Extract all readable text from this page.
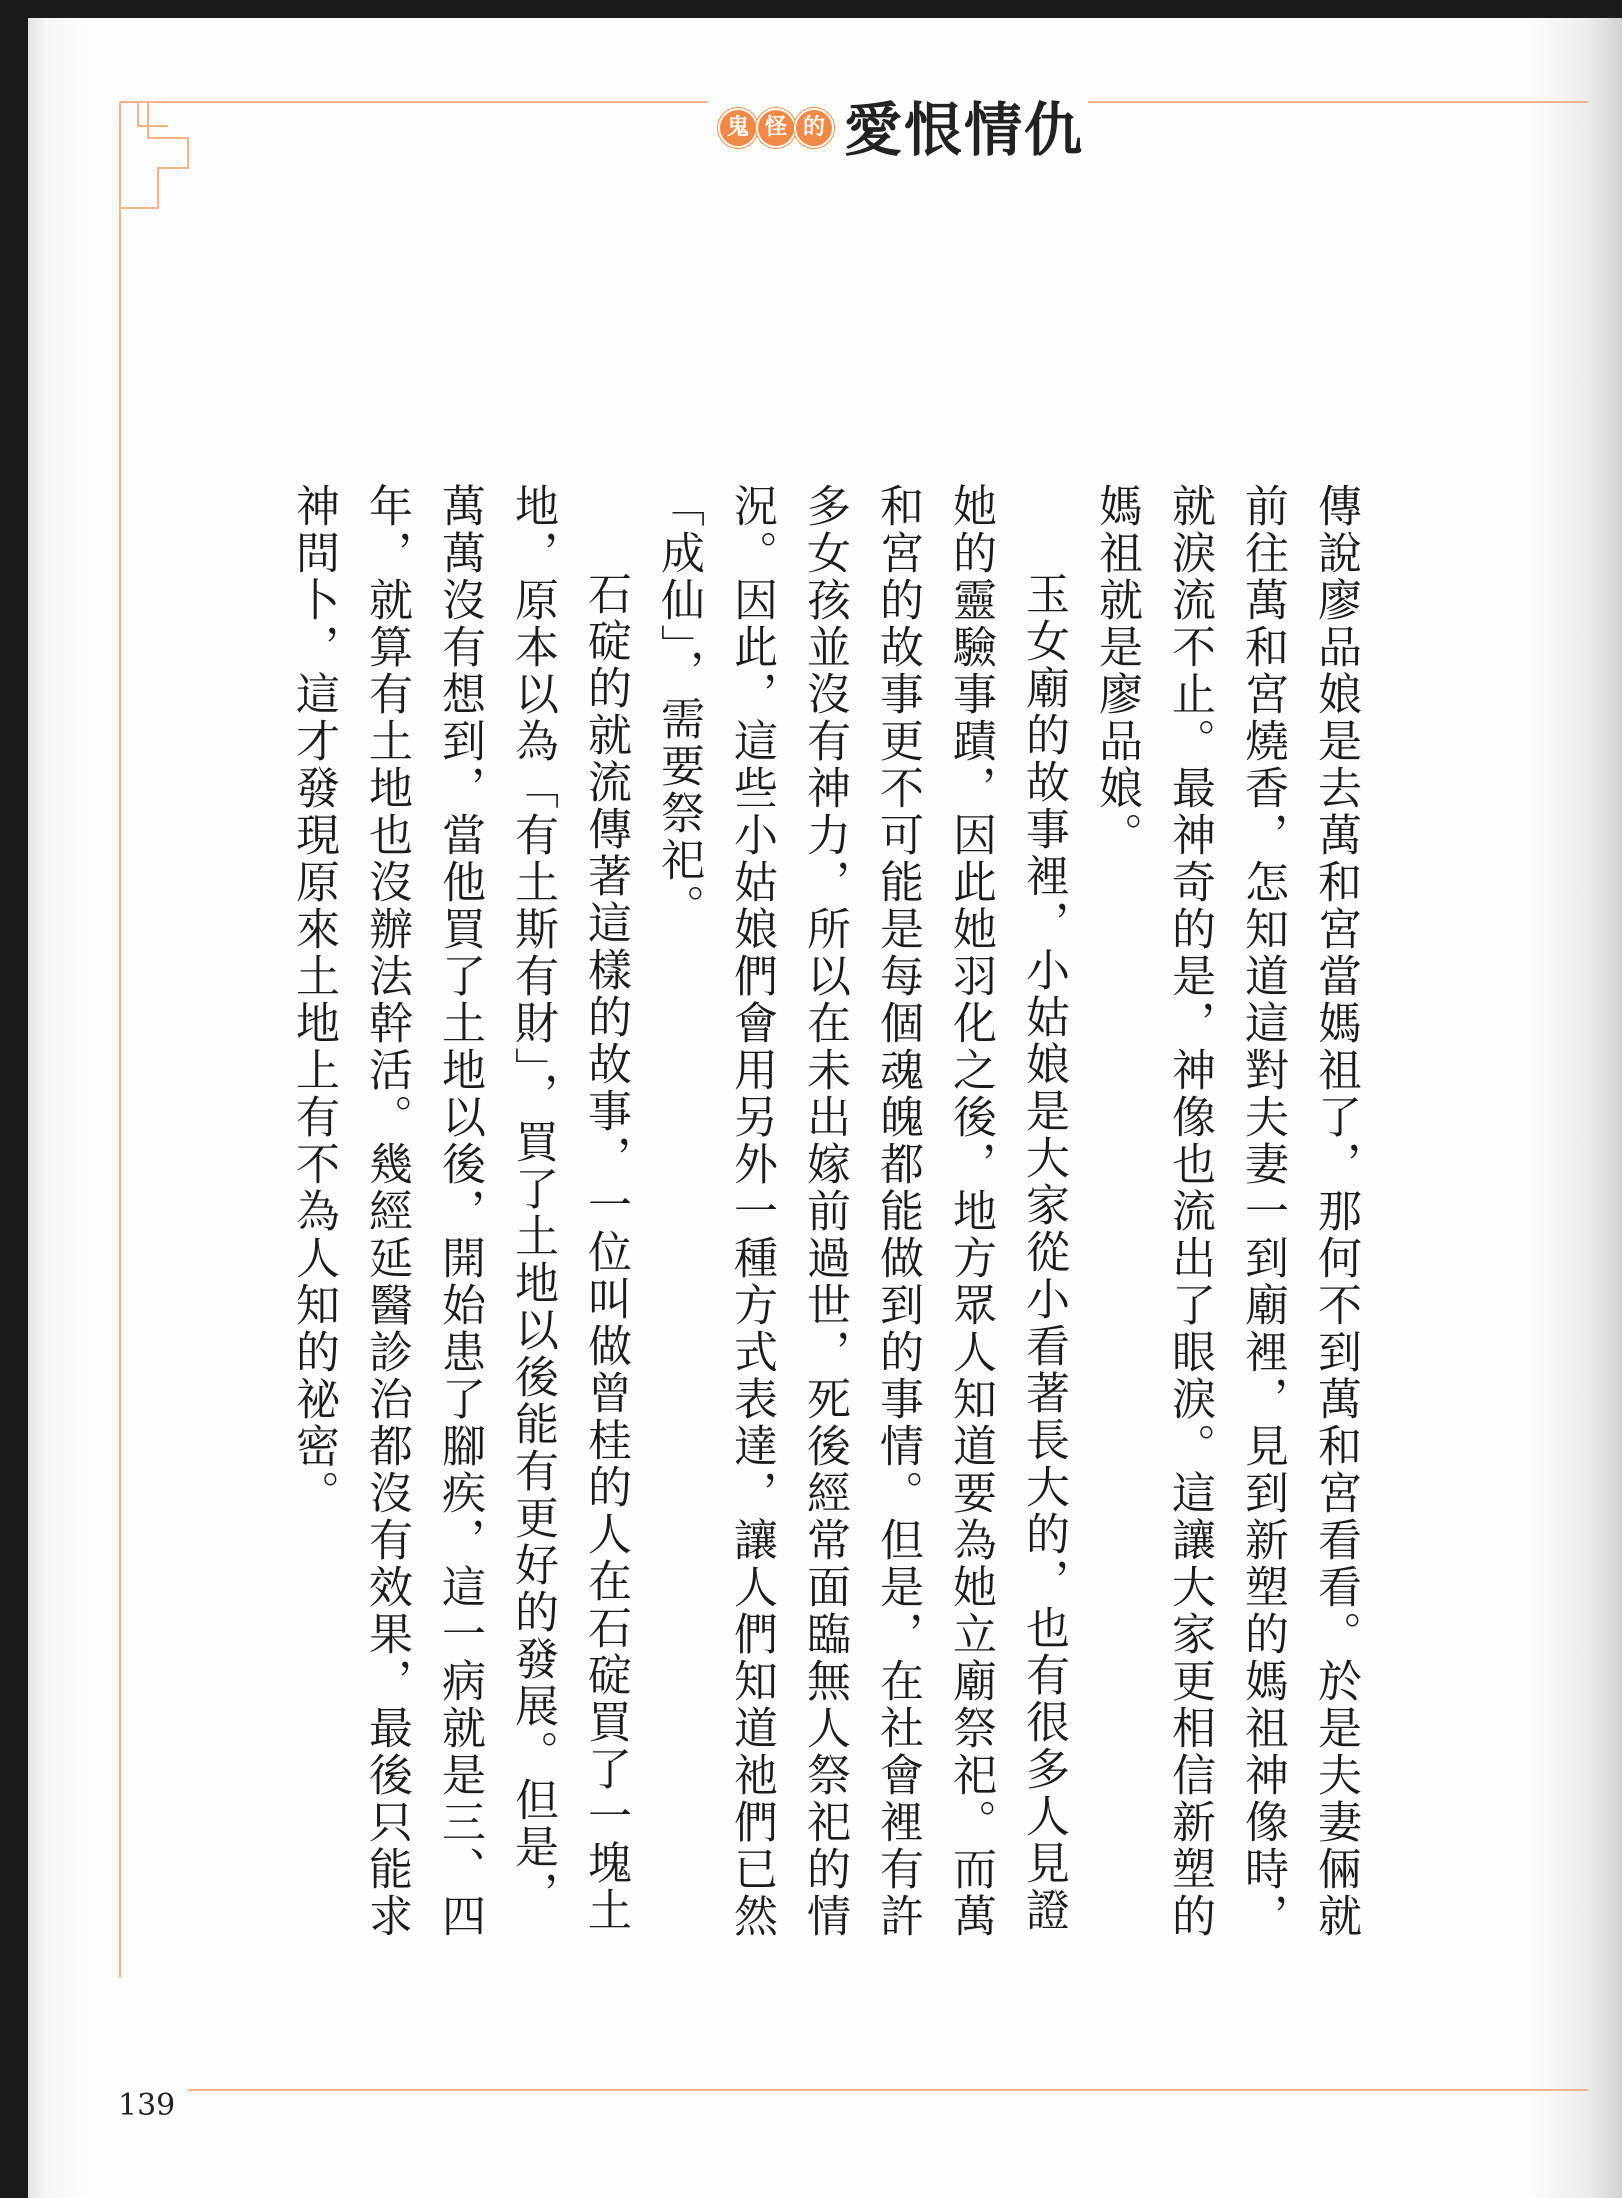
鬼 怪 的 愛恨情仇

傳說廖品娘是去萬和宮當媽祖了，那何不到萬和宮看看。於是夫妻倆就前往萬和宮燒香，怎知道這對夫妻一到廟裡，見到新塑的媽祖神像時，就淚流不止。最神奇的是，神像也流出了眼淚。這讓大家更相信新塑的媽祖就是廖品娘。

玉女廟的故事裡，小姑娘是大家從小看著長大的，也有很多人見證她的靈驗事蹟，因此她羽化之後，地方眾人知道要為她立廟祭祀。而萬和宮的故事更不可能是每個魂魄都能做到的事情。但是，在社會裡有許多女孩並沒有神力，所以在未出嫁前過世，死後經常面臨無人祭祀的情況。因此，這些小姑娘們會用另外一種方式表達，讓人們知道祂們已然「成仙」，需要祭祀。

石碇的就流傳著這樣的故事，一位叫做曾桂的人在石碇買了一塊土地，原本以為「有土斯有財」，買了土地以後能有更好的發展。但是，萬萬沒有想到，當他買了土地以後，開始患了腳疾，這一病就是三、四年，就算有土地也沒辦法幹活。幾經延醫診治都沒有效果，最後只能求神問卜，這才發現原來土地上有不為人知的祕密。

139
